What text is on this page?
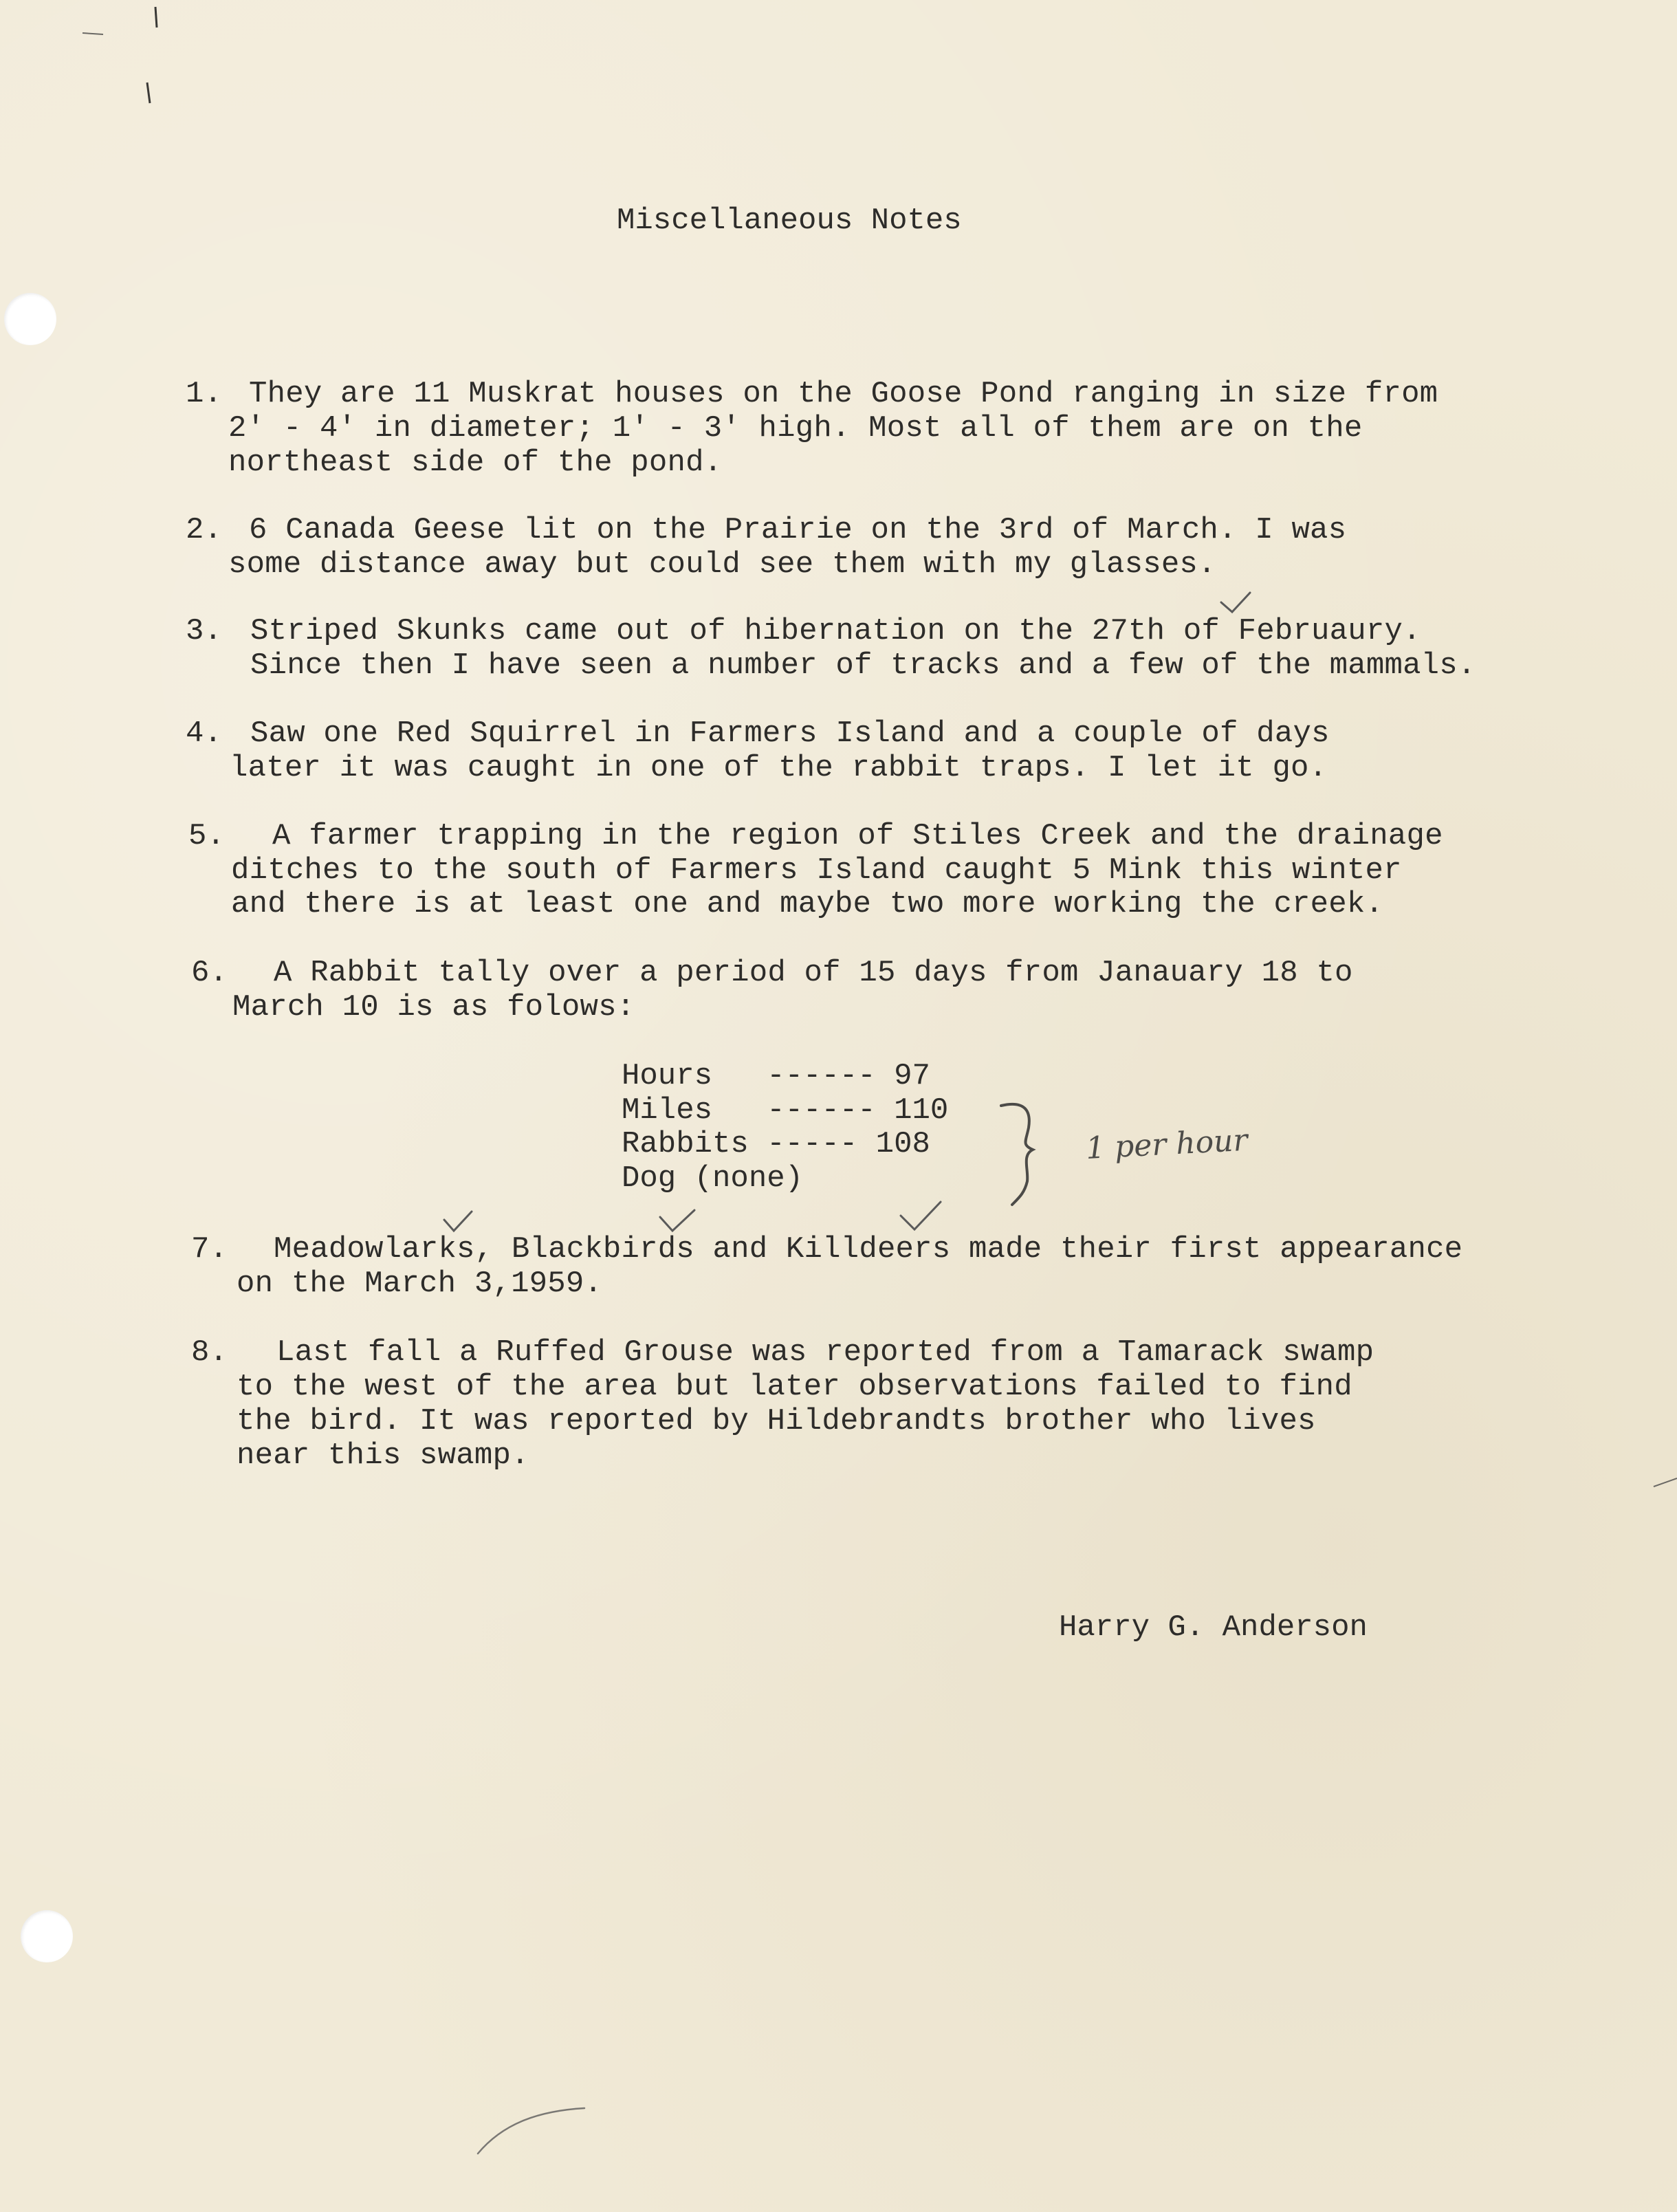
Miscellaneous Notes
1. They are 11 Muskrat houses on the Goose Pond ranging in size from
2' - 4' in diameter; 1' - 3' high. Most all of them are on the
northeast side of the pond.
2. 6 Canada Geese lit on the Prairie on the 3rd of March. I was
some distance away but could see them with my glasses.
3. Striped Skunks came out of hibernation on the 27th of Februaury.
Since then I have seen a number of tracks and a few of the mammals.
4. Saw one Red Squirrel in Farmers Island and a couple of days
later it was caught in one of the rabbit traps. I let it go.
5. A farmer trapping in the region of Stiles Creek and the drainage
ditches to the south of Farmers Island caught 5 Mink this winter
and there is at least one and maybe two more working the creek.
6. A Rabbit tally over a period of 15 days from Janauary 18 to
March 10 is as folows:
Hours   ------ 97
Miles   ------ 110
Rabbits ----- 108
Dog (none)
7. Meadowlarks, Blackbirds and Killdeers made their first appearance
on the March 3,1959.
8. Last fall a Ruffed Grouse was reported from a Tamarack swamp
to the west of the area but later observations failed to find
the bird. It was reported by Hildebrandts brother who lives
near this swamp.
Harry G. Anderson
1 per hour
